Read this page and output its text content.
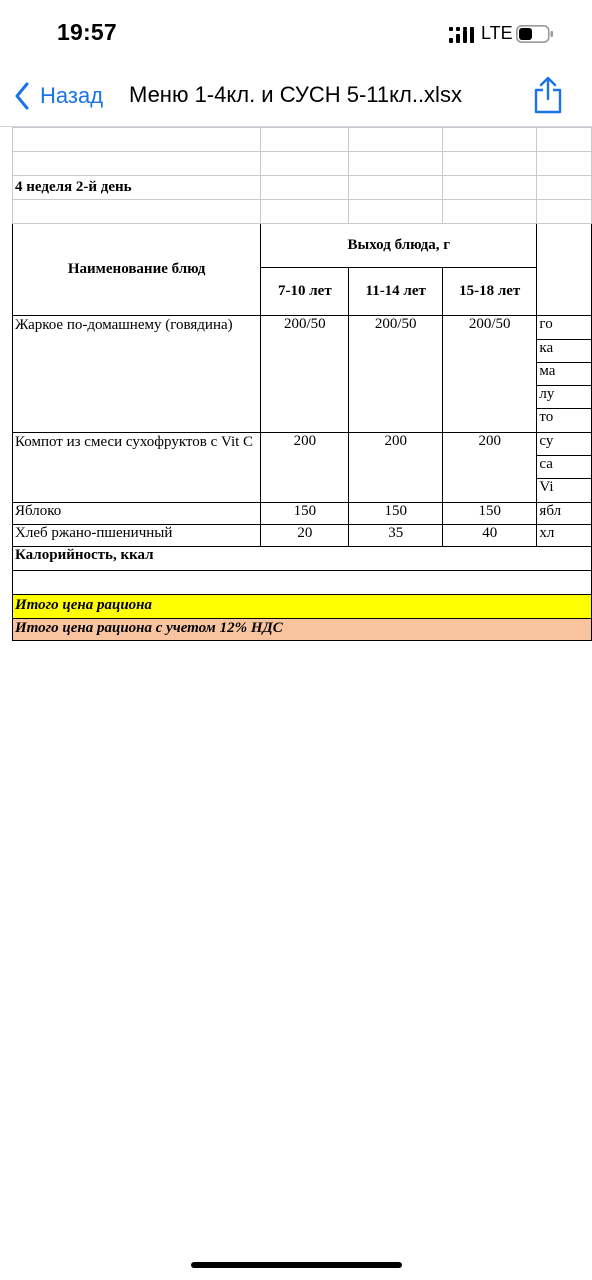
19:57	LTE
Назад Меню 1-4кл. и СУСН 5-11кл..xlsx

4 неделя 2-й день				

Наименование блюд	Выход блюда, г			
	7-10 лет	11-14 лет	15-18 лет	
Жаркое по-домашнему (говядина)	200/50	200/50	200/50	го
				ка
				ма
				лу
				то
Компот из смеси сухофруктов с Vit C	200	200	200	су
				са
				Vi
Яблоко	150	150	150	ябл
Хлеб ржано-пшеничный	20	35	40	хл
Калорийность, ккал				

Итого цена рациона				
Итого цена рациона с учетом 12% НДС				
